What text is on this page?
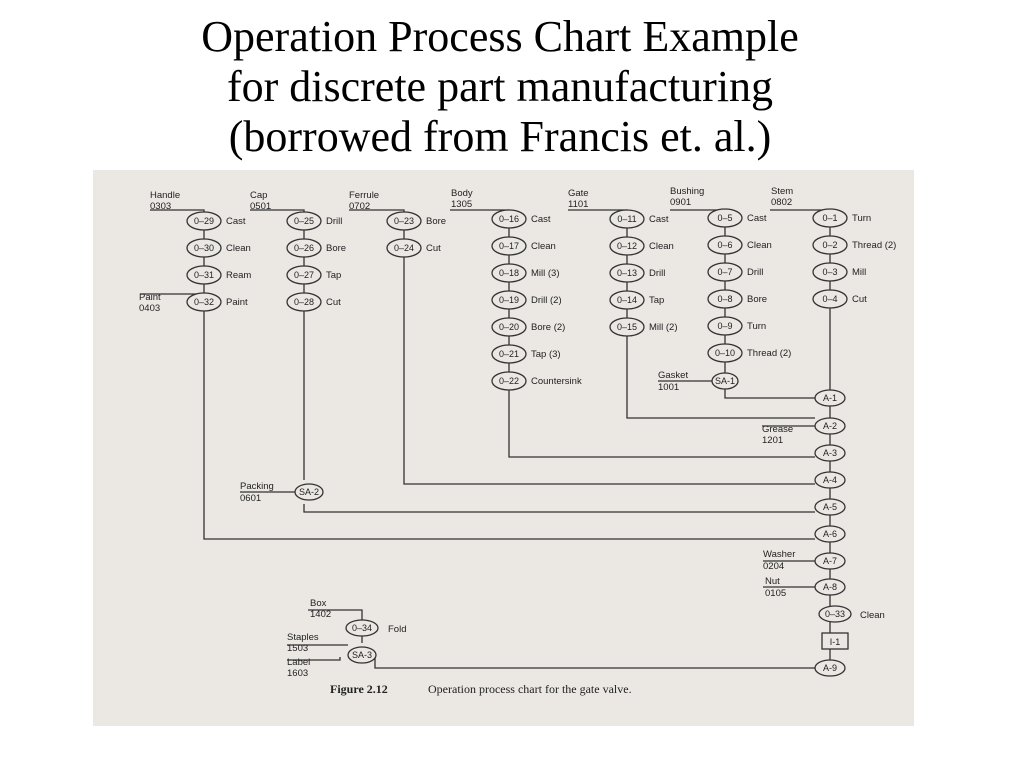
Operation Process Chart Example
for discrete part manufacturing
(borrowed from Francis et. al.)
Handle
0303
Cap
0501
Ferrule
0702
Body
1305
Gate
1101
Bushing
0901
Stem
0802
Paint
0403
Gasket
1001
Packing
0601
Grease
1201
Washer
0204
Nut
0105
Box
1402
Staples
1503
Label
1603
0–29 Cast
0–30 Clean
0–31 Ream
0–32 Paint
0–25 Drill
0–26 Bore
0–27 Tap
0–28 Cut
0–23 Bore
0–24 Cut
0–16 Cast
0–17 Clean
0–18 Mill (3)
0–19 Drill (2)
0–20 Bore (2)
0–21 Tap (3)
0–22 Countersink
0–11 Cast
0–12 Clean
0–13 Drill
0–14 Tap
0–15 Mill (2)
0–5 Cast
0–6 Clean
0–7 Drill
0–8 Bore
0–9 Turn
0–10 Thread (2)
0–1 Turn
0–2 Thread (2)
0–3 Mill
0–4 Cut
SA-1
SA-2
SA-3
0–34 Fold
A-1
A-2
A-3
A-4
A-5
A-6
A-7
A-8
A-9
0–33 Clean
I-1
Figure 2.12	Operation process chart for the gate valve.
